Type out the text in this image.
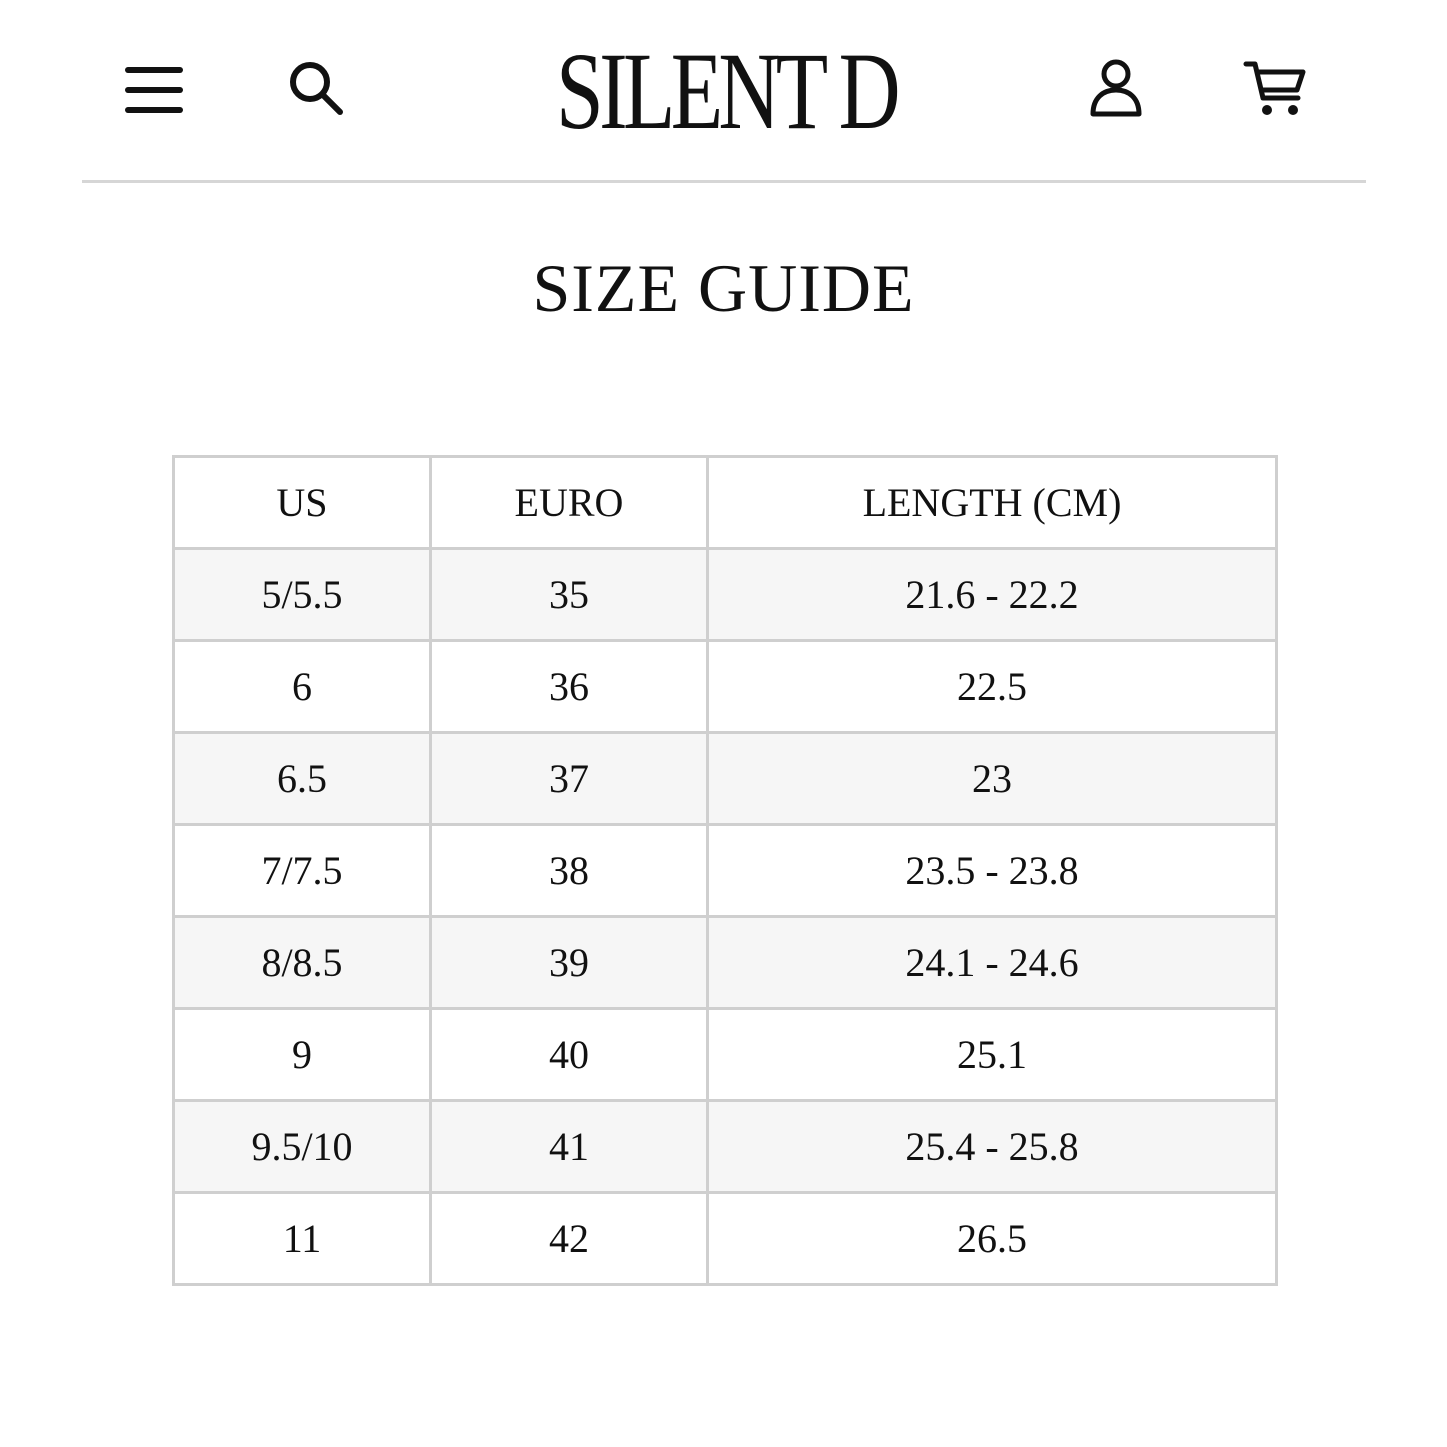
SILENT D
SIZE GUIDE
US	EURO	LENGTH (CM)
5/5.5	35	21.6 - 22.2
6	36	22.5
6.5	37	23
7/7.5	38	23.5 - 23.8
8/8.5	39	24.1 - 24.6
9	40	25.1
9.5/10	41	25.4 - 25.8
11	42	26.5
